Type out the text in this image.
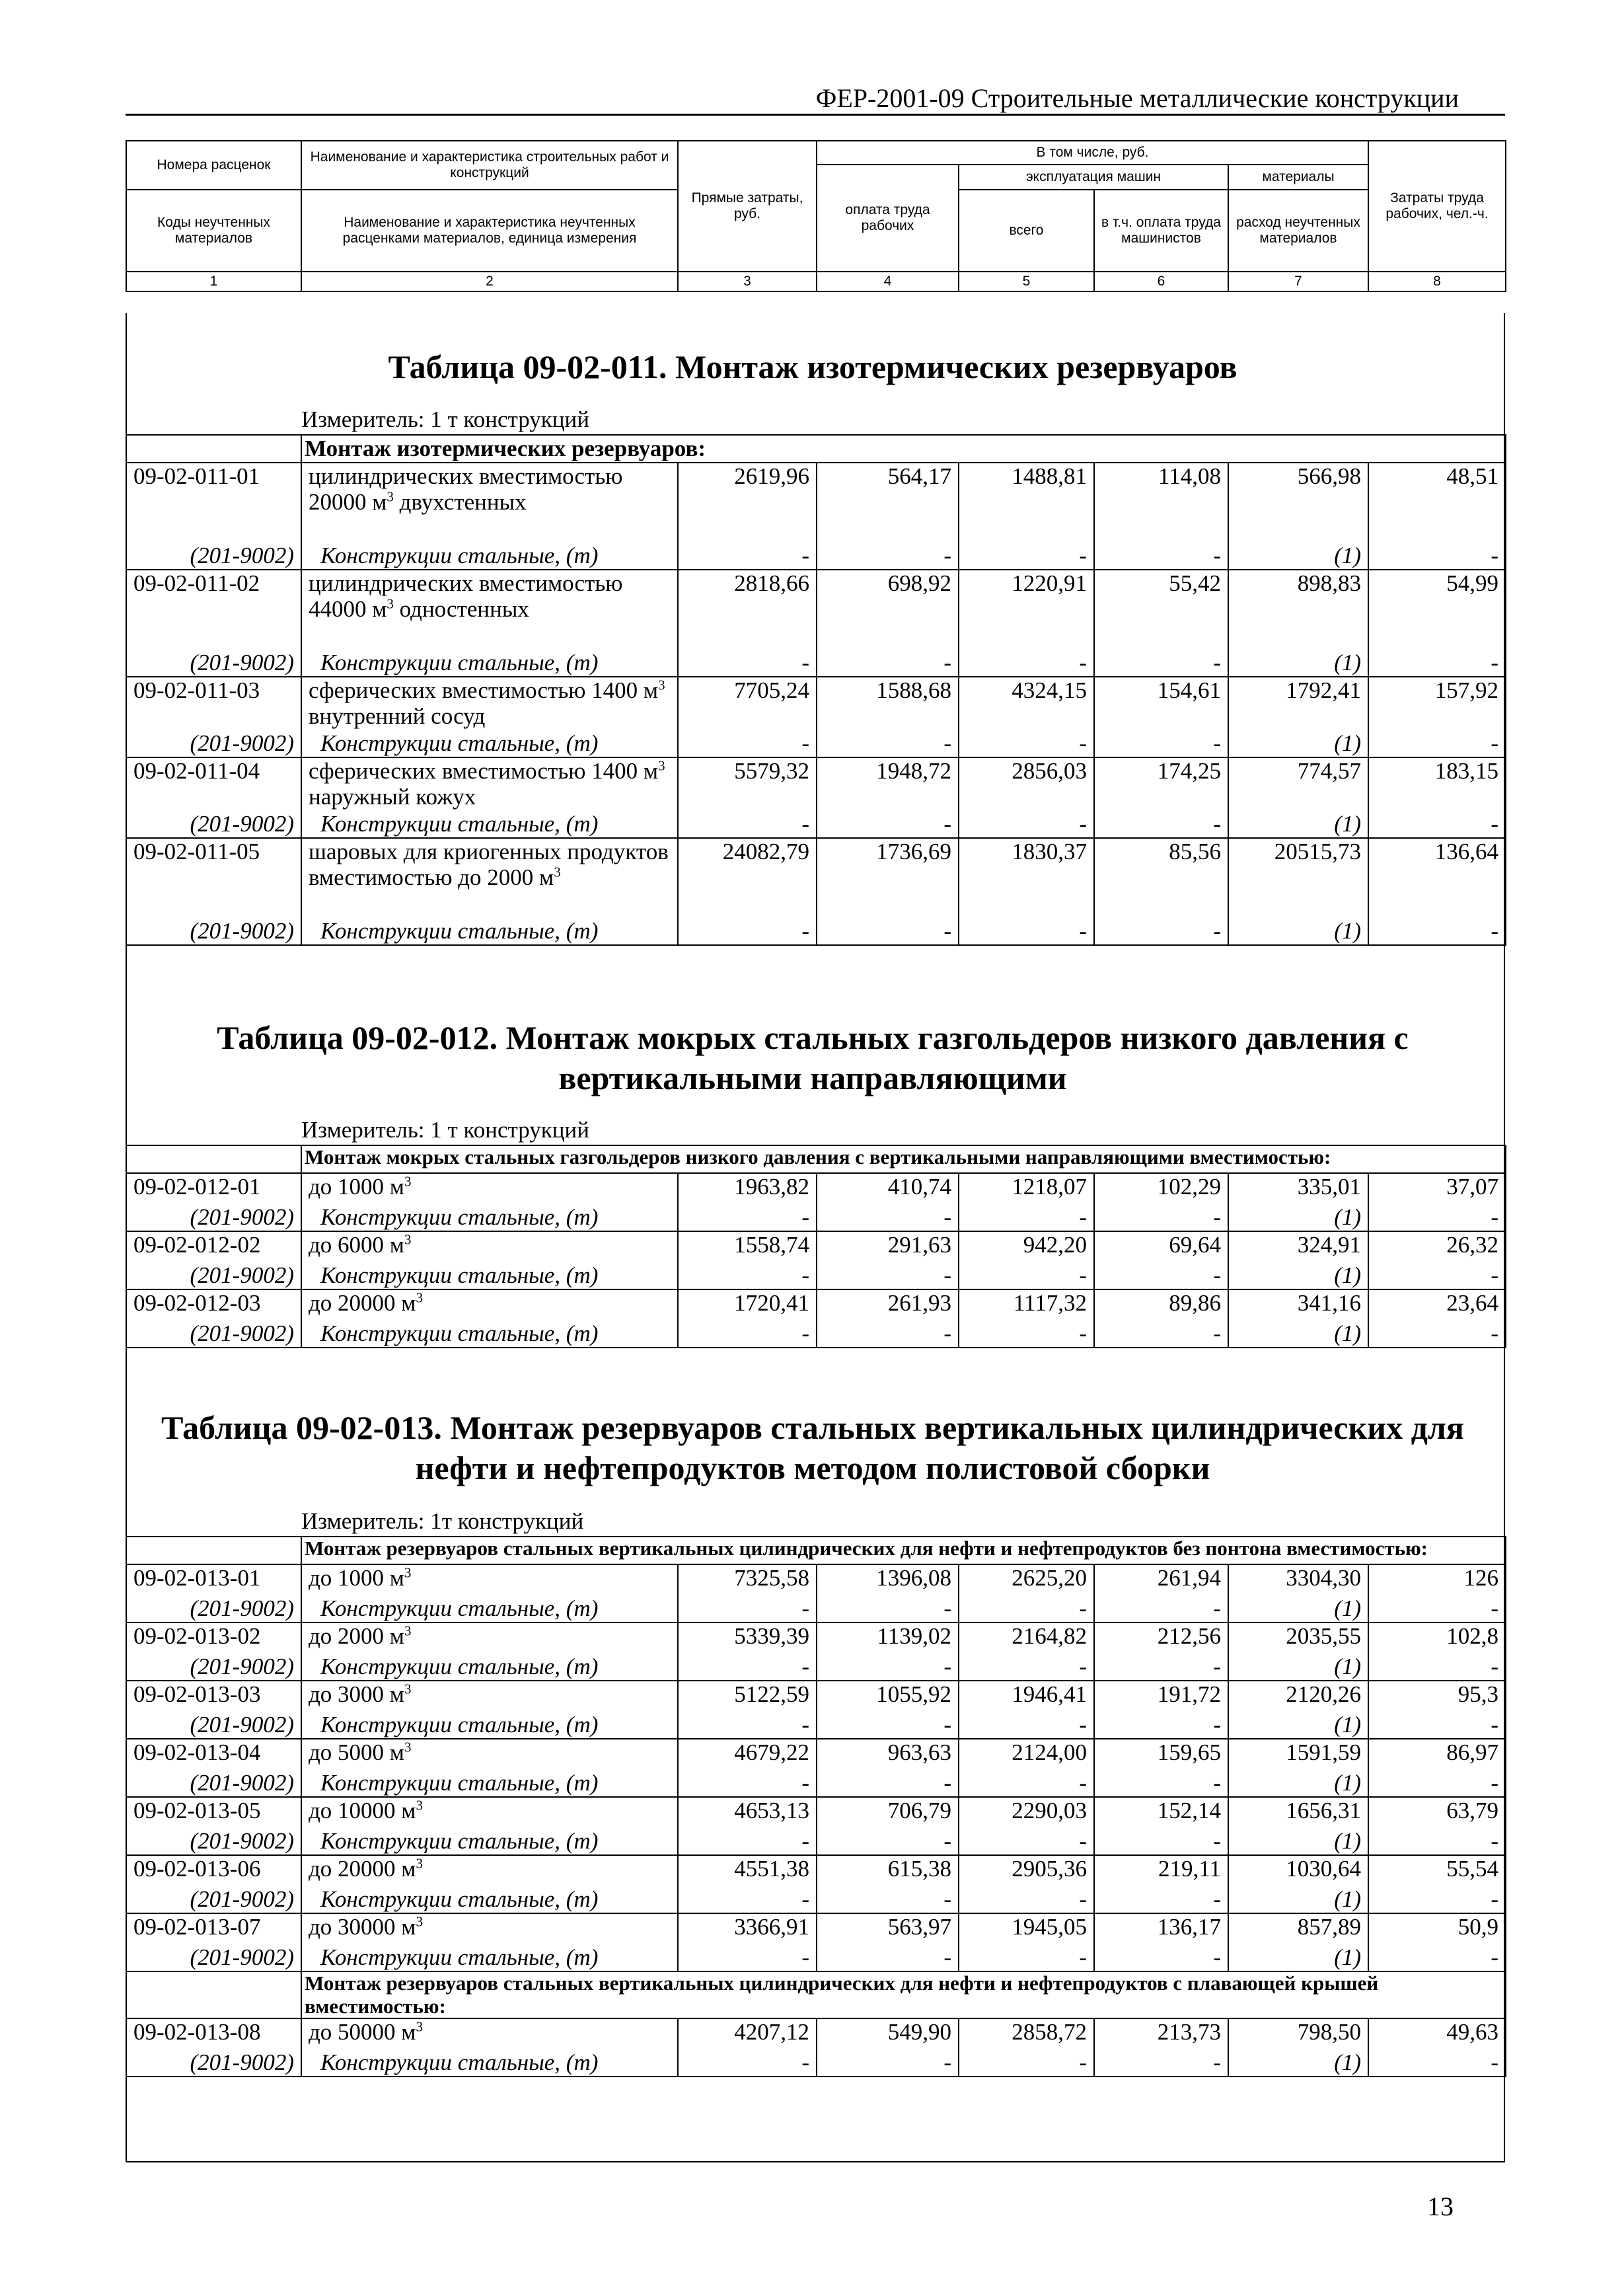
ФЕР-2001-09 Строительные металлические конструкции
Номера расценок	Наименование и характеристика строительных работ и конструкций	Прямые затраты, руб.	В том числе, руб.				Затраты труда рабочих, чел.-ч.
			оплата труда рабочих	эксплуатация машин		материалы	
Коды неучтенных материалов	Наименование и характеристика неучтенных расценками материалов, единица измерения			всего	в т.ч. оплата труда машинистов	расход неучтенных материалов	

1	2	3	4	5	6	7	8
Таблица 09-02-011. Монтаж изотермических резервуаров
	Измеритель: 1 т конструкций						
	Монтаж изотермических резервуаров:						
09-02-011-01	цилиндрических вместимостью 20000 $м^3$ двухстенных	2619,96	564,17	1488,81	114,08	566,98	48,51
(201-9002)	Конструкции стальные, (т)	-	-	-	-	(1)	-
09-02-011-02	цилиндрических вместимостью 44000 $м^3$ одностенных	2818,66	698,92	1220,91	55,42	898,83	54,99
(201-9002)	Конструкции стальные, (т)	-	-	-	-	(1)	-
09-02-011-03	сферических вместимостью 1400 $м^3$ внутренний сосуд	7705,24	1588,68	4324,15	154,61	1792,41	157,92
(201-9002)	Конструкции стальные, (т)	-	-	-	-	(1)	-
09-02-011-04	сферических вместимостью 1400 $м^3$ наружный кожух	5579,32	1948,72	2856,03	174,25	774,57	183,15
(201-9002)	Конструкции стальные, (т)	-	-	-	-	(1)	-
09-02-011-05	шаровых для криогенных продуктов вместимостью до 2000 $м^3$	24082,79	1736,69	1830,37	85,56	20515,73	136,64
(201-9002)	Конструкции стальные, (т)	-	-	-	-	(1)	-
Таблица 09-02-012. Монтаж мокрых стальных газгольдеров низкого давления с вертикальными направляющими
	Измеритель: 1 т конструкций						
	Монтаж мокрых стальных газгольдеров низкого давления с вертикальными направляющими вместимостью:						
09-02-012-01	до 1000 $м^3$	1963,82	410,74	1218,07	102,29	335,01	37,07
(201-9002)	Конструкции стальные, (т)	-	-	-	-	(1)	-
09-02-012-02	до 6000 $м^3$	1558,74	291,63	942,20	69,64	324,91	26,32
(201-9002)	Конструкции стальные, (т)	-	-	-	-	(1)	-
09-02-012-03	до 20000 $м^3$	1720,41	261,93	1117,32	89,86	341,16	23,64
(201-9002)	Конструкции стальные, (т)	-	-	-	-	(1)	-
Таблица 09-02-013. Монтаж резервуаров стальных вертикальных цилиндрических для нефти и нефтепродуктов методом полистовой сборки
	Измеритель: 1т конструкций						
	Монтаж резервуаров стальных вертикальных цилиндрических для нефти и нефтепродуктов без понтона вместимостью:						
09-02-013-01	до 1000 $м^3$	7325,58	1396,08	2625,20	261,94	3304,30	126
(201-9002)	Конструкции стальные, (т)	-	-	-	-	(1)	-
09-02-013-02	до 2000 $м^3$	5339,39	1139,02	2164,82	212,56	2035,55	102,8
(201-9002)	Конструкции стальные, (т)	-	-	-	-	(1)	-
09-02-013-03	до 3000 $м^3$	5122,59	1055,92	1946,41	191,72	2120,26	95,3
(201-9002)	Конструкции стальные, (т)	-	-	-	-	(1)	-
09-02-013-04	до 5000 $м^3$	4679,22	963,63	2124,00	159,65	1591,59	86,97
(201-9002)	Конструкции стальные, (т)	-	-	-	-	(1)	-
09-02-013-05	до 10000 $м^3$	4653,13	706,79	2290,03	152,14	1656,31	63,79
(201-9002)	Конструкции стальные, (т)	-	-	-	-	(1)	-
09-02-013-06	до 20000 $м^3$	4551,38	615,38	2905,36	219,11	1030,64	55,54
(201-9002)	Конструкции стальные, (т)	-	-	-	-	(1)	-
09-02-013-07	до 30000 $м^3$	3366,91	563,97	1945,05	136,17	857,89	50,9
(201-9002)	Конструкции стальные, (т)	-	-	-	-	(1)	-
	Монтаж резервуаров стальных вертикальных цилиндрических для нефти и нефтепродуктов с плавающей крышей вместимостью:						
09-02-013-08	до 50000 $м^3$	4207,12	549,90	2858,72	213,73	798,50	49,63
(201-9002)	Конструкции стальные, (т)	-	-	-	-	(1)	-
13
